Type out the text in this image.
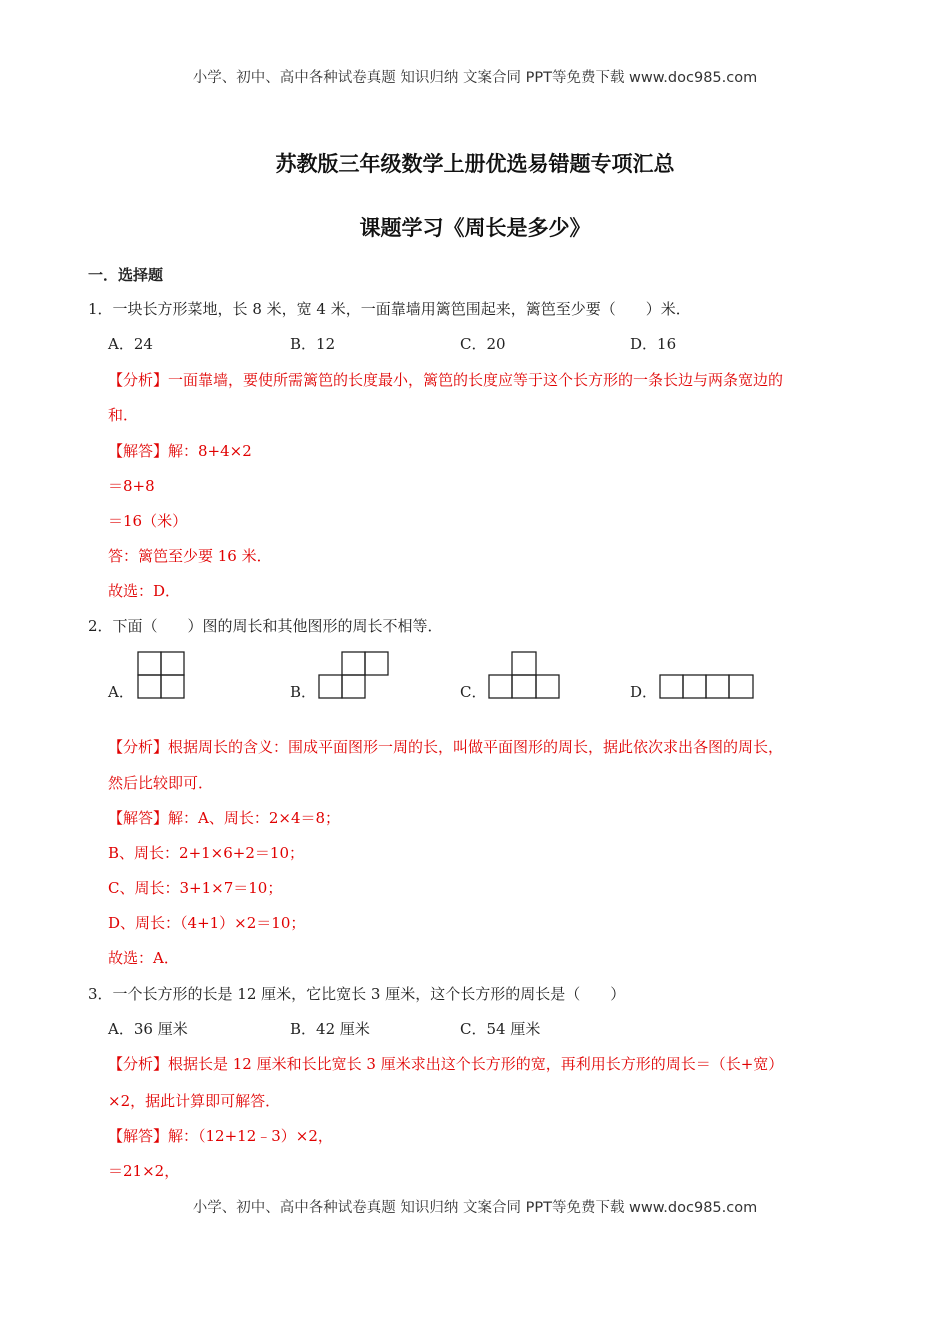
小学、初中、高中各种试卷真题 知识归纳 文案合同 PPT等免费下载 www.doc985.com
苏教版三年级数学上册优选易错题专项汇总
课题学习《周长是多少》
一．选择题
1．一块长方形菜地，长 8 米，宽 4 米，一面靠墙用篱笆围起来，篱笆至少要（　　）米．
A．24	B．12	C．20	D．16
【分析】一面靠墙，要使所需篱笆的长度最小，篱笆的长度应等于这个长方形的一条长边与两条宽边的
和．
【解答】解：8+4×2
＝8+8
＝16（米）
答：篱笆至少要 16 米．
故选：D．
2．下面（　　）图的周长和其他图形的周长不相等．
A．	B．	C．	D．
【分析】根据周长的含义：围成平面图形一周的长，叫做平面图形的周长，据此依次求出各图的周长，
然后比较即可．
【解答】解：A、周长：2×4＝8；
B、周长：2+1×6+2＝10；
C、周长：3+1×7＝10；
D、周长：（4+1）×2＝10；
故选：A．
3．一个长方形的长是 12 厘米，它比宽长 3 厘米，这个长方形的周长是（　　）
A．36 厘米	B．42 厘米	C．54 厘米
【分析】根据长是 12 厘米和长比宽长 3 厘米求出这个长方形的宽，再利用长方形的周长＝（长+宽）
×2，据此计算即可解答．
【解答】解：（12+12﹣3）×2，
＝21×2，
小学、初中、高中各种试卷真题 知识归纳 文案合同 PPT等免费下载 www.doc985.com
